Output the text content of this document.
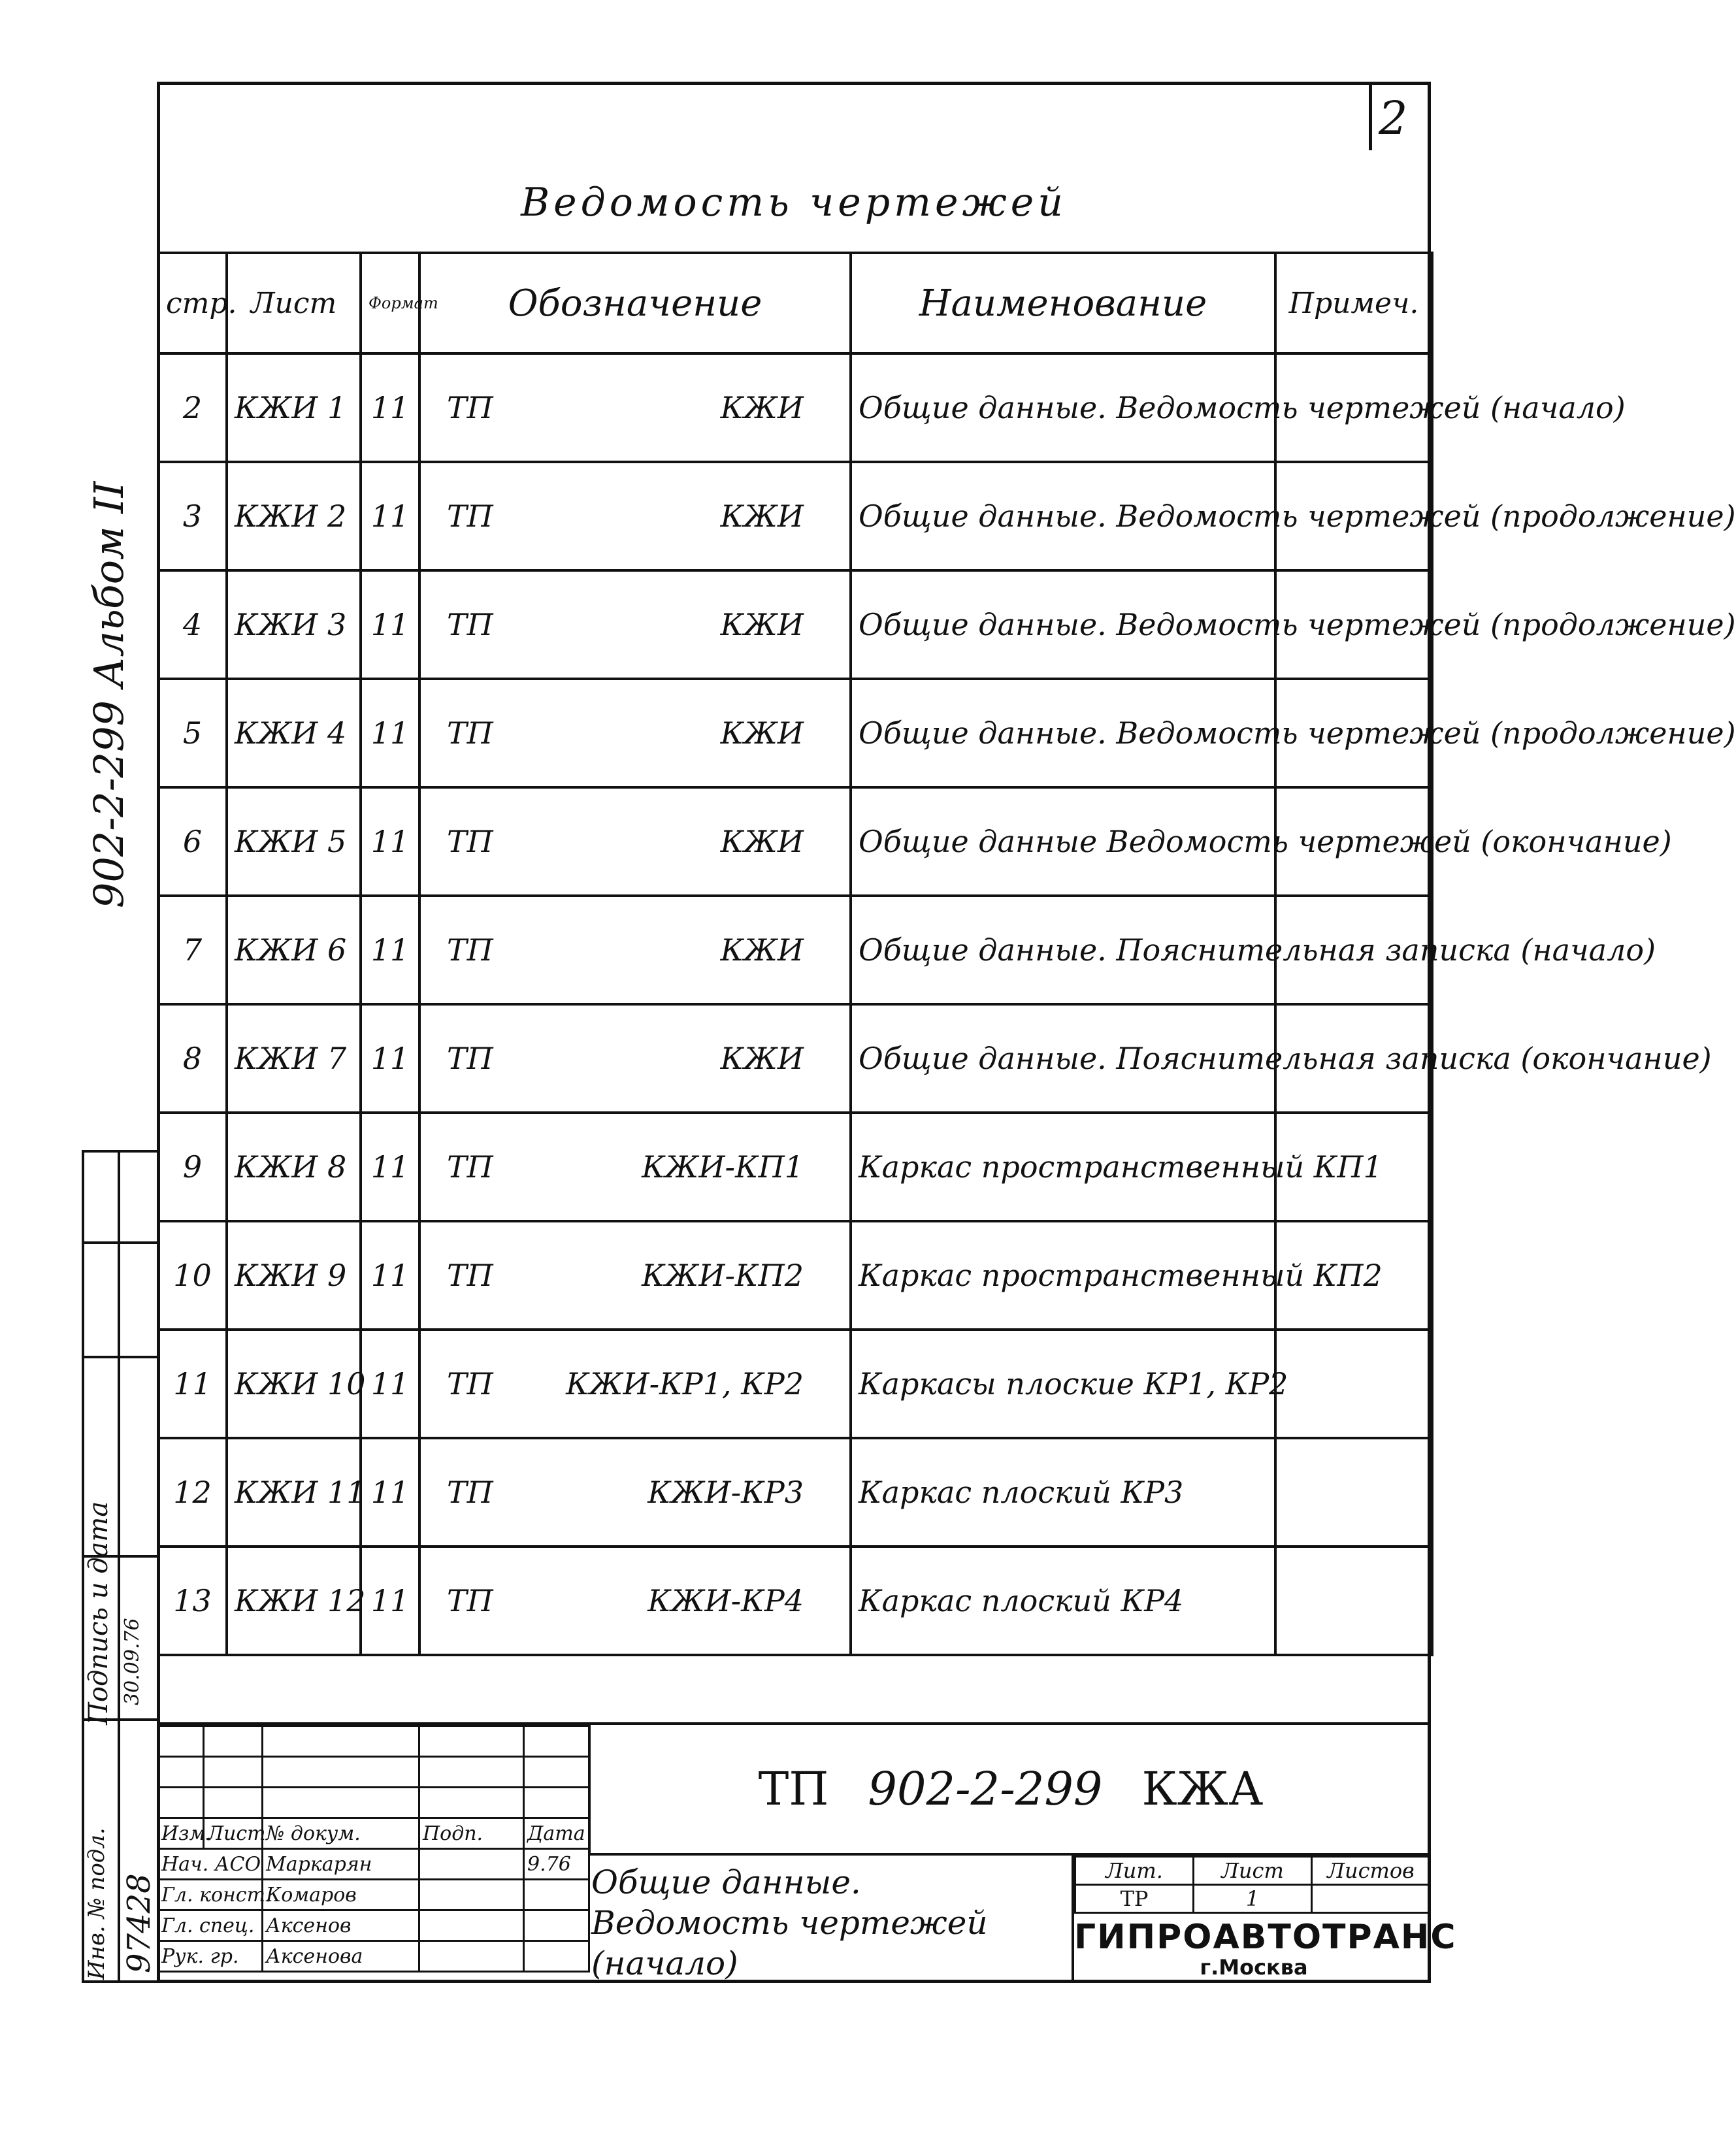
2
Ведомость чертежей
стр.	Лист	Формат	Обозначение	Наименование	Примеч.
2	КЖИ 1	11	ТП КЖИ	Общие данные. Ведомость чертежей (начало)	
3	КЖИ 2	11	ТП КЖИ	Общие данные. Ведомость чертежей (продолжение)	
4	КЖИ 3	11	ТП КЖИ	Общие данные. Ведомость чертежей (продолжение)	
5	КЖИ 4	11	ТП КЖИ	Общие данные. Ведомость чертежей (продолжение)	
6	КЖИ 5	11	ТП КЖИ	Общие данные Ведомость чертежей (окончание)	
7	КЖИ 6	11	ТП КЖИ	Общие данные. Пояснительная записка (начало)	
8	КЖИ 7	11	ТП КЖИ	Общие данные. Пояснительная записка (окончание)	
9	КЖИ 8	11	ТП КЖИ-КП1	Каркас пространственный КП1	
10	КЖИ 9	11	ТП КЖИ-КП2	Каркас пространственный КП2	
11	КЖИ 10	11	ТП КЖИ-КР1, КР2	Каркасы плоские КР1, КР2	
12	КЖИ 11	11	ТП КЖИ-КР3	Каркас плоский КР3	
13	КЖИ 12	11	ТП КЖИ-КР4	Каркас плоский КР4	
902-2-299 Альбом II
Подпись и дата 30.09.76
Инв. № подл. 97428

Изм.	Лист	№ докум.	Подп.	Дата
Нач. АСО		Маркарян		9.76
Гл. конст.		Комаров		
Гл. спец.		Аксенов		
Рук. гр.		Аксенова		
ТП 902-2-299 КЖА
Общие данные. Ведомость чертежей (начало)
Лит.	Лист	Листов
ТР	1	
ГИПРОАВТОТРАНС
г.Москва
